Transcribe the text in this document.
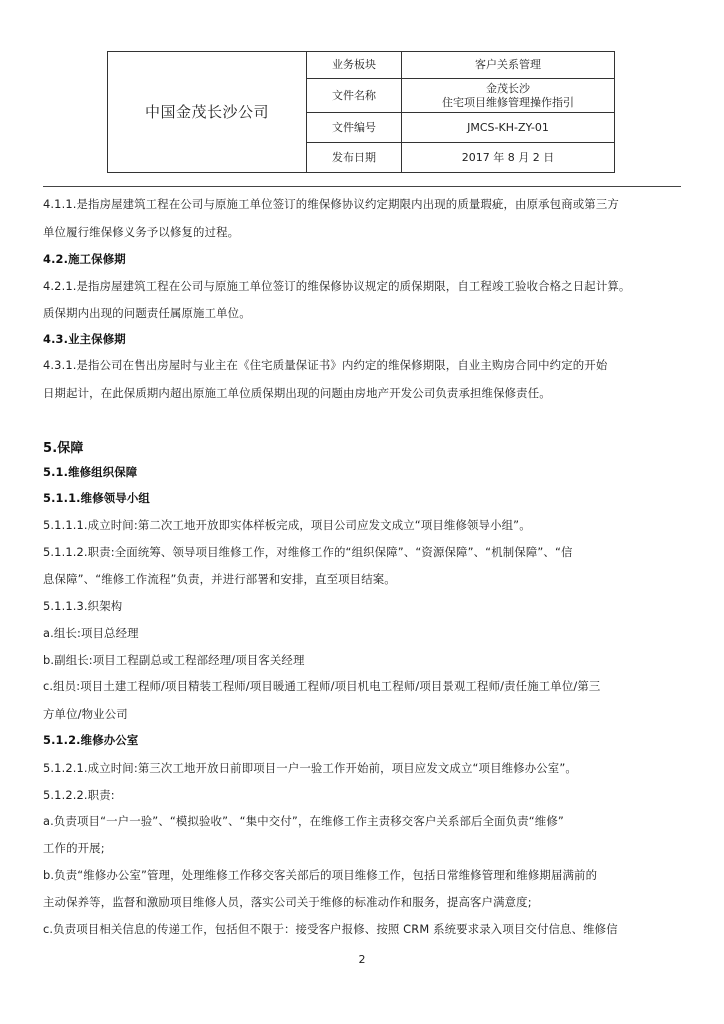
中国金茂长沙公司	业务板块	客户关系管理
	文件名称	金茂长沙
住宅项目维修管理操作指引

	文件编号	JMCS-KH-ZY-01
	发布日期	2017 年 8 月 2 日
4.1.1.是指房屋建筑工程在公司与原施工单位签订的维保修协议约定期限内出现的质量瑕疵，由原承包商或第三方
单位履行维保修义务予以修复的过程。
4.2.施工保修期
4.2.1.是指房屋建筑工程在公司与原施工单位签订的维保修协议规定的质保期限，自工程竣工验收合格之日起计算。
质保期内出现的问题责任属原施工单位。
4.3.业主保修期
4.3.1.是指公司在售出房屋时与业主在《住宅质量保证书》内约定的维保修期限，自业主购房合同中约定的开始
日期起计，在此保质期内超出原施工单位质保期出现的问题由房地产开发公司负责承担维保修责任。
5.保障
5.1.维修组织保障
5.1.1.维修领导小组
5.1.1.1.成立时间:第二次工地开放即实体样板完成，项目公司应发文成立“项目维修领导小组”。
5.1.1.2.职责:全面统筹、领导项目维修工作，对维修工作的“组织保障”、“资源保障”、“机制保障”、“信
息保障”、“维修工作流程”负责，并进行部署和安排，直至项目结案。
5.1.1.3.织架构
a.组长:项目总经理
b.副组长:项目工程副总或工程部经理/项目客关经理
c.组员:项目土建工程师/项目精装工程师/项目暖通工程师/项目机电工程师/项目景观工程师/责任施工单位/第三
方单位/物业公司
5.1.2.维修办公室
5.1.2.1.成立时间:第三次工地开放日前即项目一户一验工作开始前，项目应发文成立“项目维修办公室”。
5.1.2.2.职责:
a.负责项目“一户一验”、“模拟验收”、“集中交付”，在维修工作主责移交客户关系部后全面负责“维修”
工作的开展;
b.负责“维修办公室”管理，处理维修工作移交客关部后的项目维修工作，包括日常维修管理和维修期届满前的
主动保养等，监督和激励项目维修人员，落实公司关于维修的标准动作和服务，提高客户满意度;
c.负责项目相关信息的传递工作，包括但不限于：接受客户报修、按照 CRM 系统要求录入项目交付信息、维修信
2
